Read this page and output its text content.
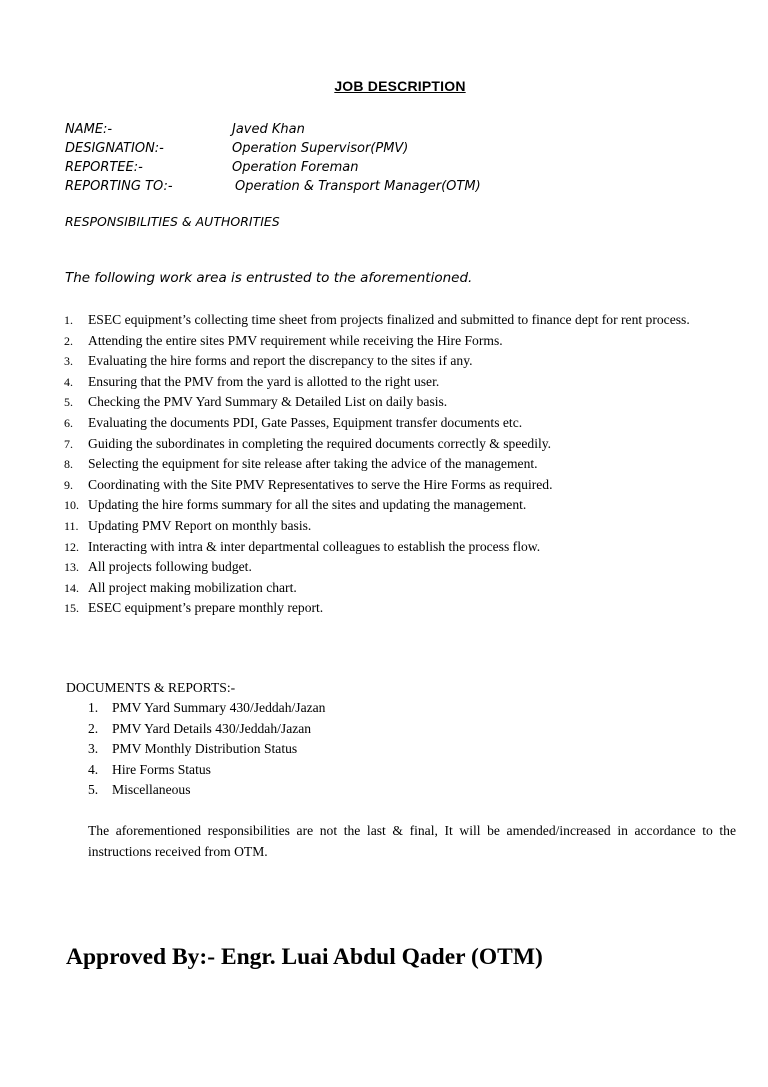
JOB DESCRIPTION
NAME:-	Javed Khan
DESIGNATION:-	Operation Supervisor(PMV)
REPORTEE:-	Operation Foreman
REPORTING TO:-	Operation & Transport Manager(OTM)
RESPONSIBILITIES & AUTHORITIES
The following work area is entrusted to the aforementioned.
1.	ESEC equipment’s collecting time sheet from projects finalized and submitted to finance dept for rent process.
2.	Attending the entire sites PMV requirement while receiving the Hire Forms.
3.	Evaluating the hire forms and report the discrepancy to the sites if any.
4.	Ensuring that the PMV from the yard is allotted to the right user.
5.	Checking the PMV Yard Summary & Detailed List on daily basis.
6.	Evaluating the documents PDI, Gate Passes, Equipment transfer documents etc.
7.	Guiding the subordinates in completing the required documents correctly & speedily.
8.	Selecting the equipment for site release after taking the advice of the management.
9.	Coordinating with the Site PMV Representatives to serve the Hire Forms as required.
10. Updating the hire forms summary for all the sites and updating the management.
11. Updating PMV Report on monthly basis.
12. Interacting with intra & inter departmental colleagues to establish the process flow.
13. All projects following budget.
14. All project making mobilization chart.
15. ESEC equipment’s prepare monthly report.
DOCUMENTS & REPORTS:-
1.	PMV Yard Summary 430/Jeddah/Jazan
2.	PMV Yard Details 430/Jeddah/Jazan
3.	PMV Monthly Distribution Status
4.	Hire Forms Status
5.	Miscellaneous
The aforementioned responsibilities are not the last & final, It will be amended/increased in accordance to the instructions received from OTM.
Approved By:- Engr. Luai Abdul Qader (OTM)
